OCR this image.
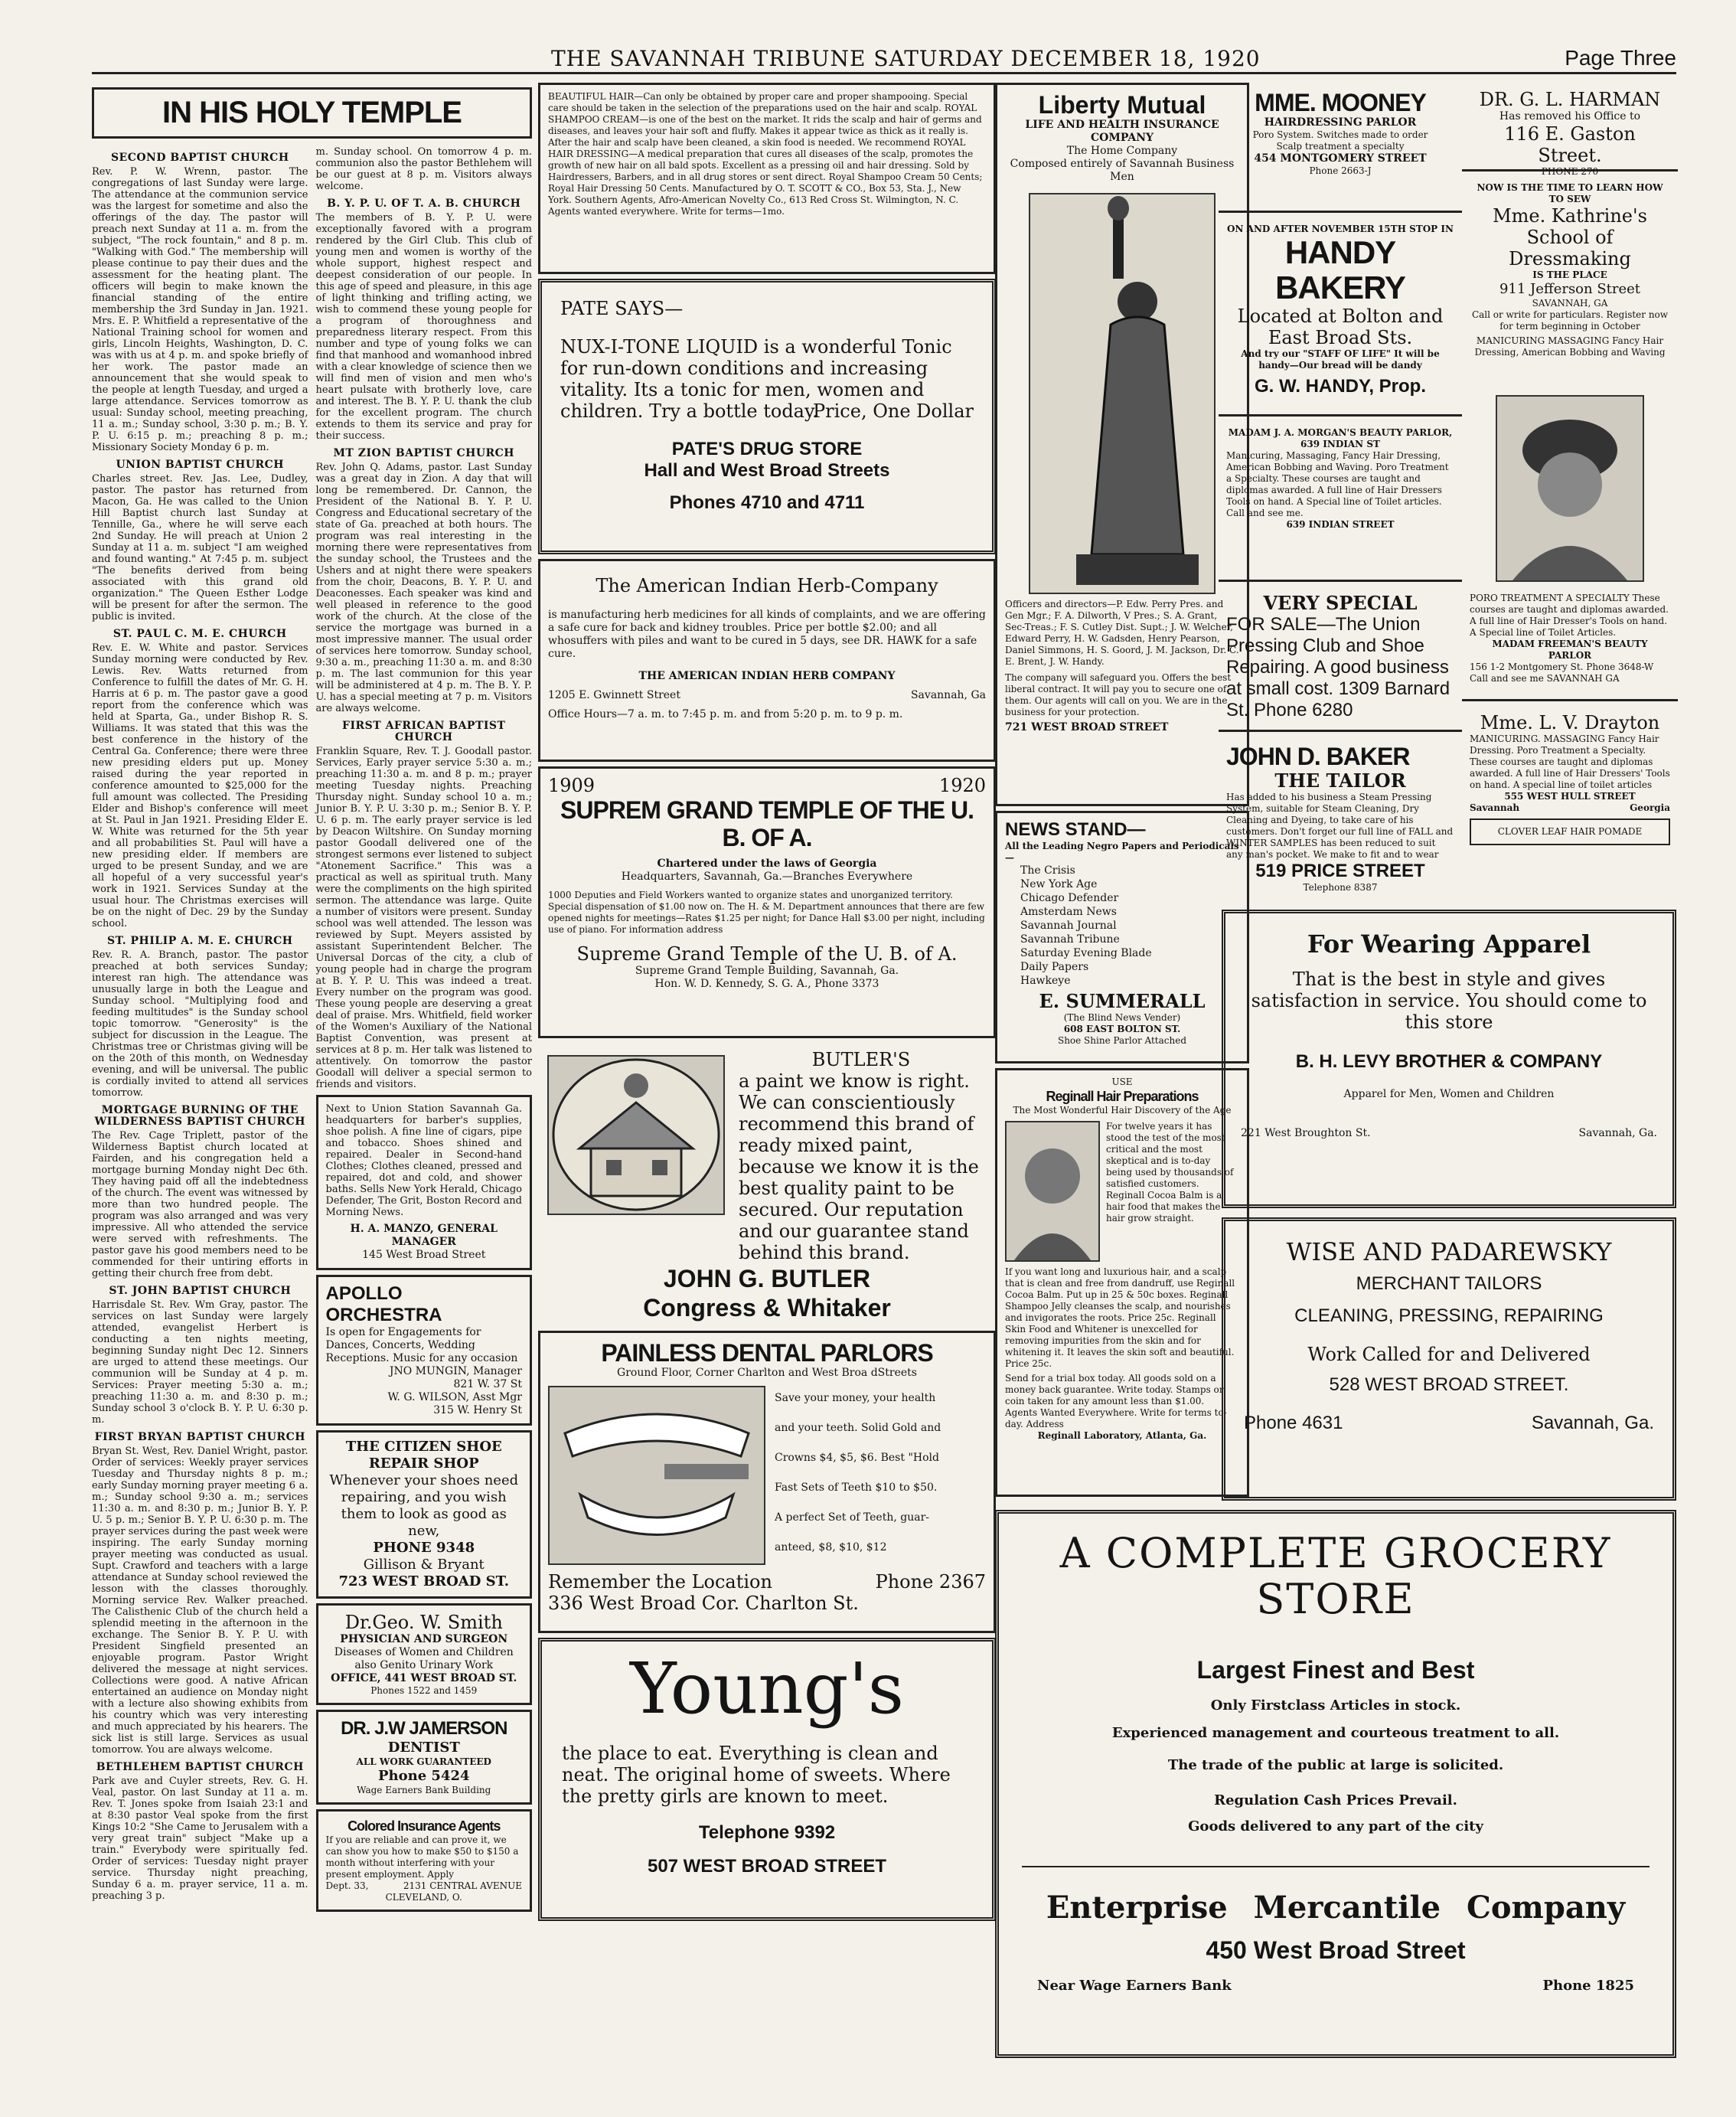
THE SAVANNAH TRIBUNE SATURDAY DECEMBER 18, 1920	Page Three
IN HIS HOLY TEMPLE
SECOND BAPTIST CHURCH

Rev. P. W. Wrenn, pastor. The congregations of last Sunday were large. The attendance at the communion service was the largest for sometime and also the offerings of the day. The pastor will preach next Sunday at 11 a. m. from the subject, "The rock fountain," and 8 p. m. "Walking with God." The membership will please continue to pay their dues and the assessment for the heating plant. The officers will begin to make known the financial standing of the entire membership the 3rd Sunday in Jan. 1921. Mrs. E. P. Whitfield a representative of the National Training school for women and girls, Lincoln Heights, Washington, D. C. was with us at 4 p. m. and spoke briefly of her work. The pastor made an announcement that she would speak to the people at length Tuesday, and urged a large attendance. Services tomorrow as usual: Sunday school, meeting preaching, 11 a. m.; Sunday school, 3:30 p. m.; B. Y. P. U. 6:15 p. m.; preaching 8 p. m.; Missionary Society Monday 6 p. m.

UNION BAPTIST CHURCH

Charles street. Rev. Jas. Lee, Dudley, pastor. The pastor has returned from Macon, Ga. He was called to the Union Hill Baptist church last Sunday at Tennille, Ga., where he will serve each 2nd Sunday. He will preach at Union 2 Sunday at 11 a. m. subject "I am weighed and found wanting." At 7:45 p. m. subject "The benefits derived from being associated with this grand old organization." The Queen Esther Lodge will be present for after the sermon. The public is invited.

ST. PAUL C. M. E. CHURCH

Rev. E. W. White and pastor. Services Sunday morning were conducted by Rev. Lewis. Rev. Watts returned from Conference to fulfill the dates of Mr. G. H. Harris at 6 p. m. The pastor gave a good report from the conference which was held at Sparta, Ga., under Bishop R. S. Williams. It was stated that this was the best conference in the history of the Central Ga. Conference; there were three new presiding elders put up. Money raised during the year reported in conference amounted to $25,000 for the full amount was collected. The Presiding Elder and Bishop's conference will meet at St. Paul in Jan 1921. Presiding Elder E. W. White was returned for the 5th year and all probabilities St. Paul will have a new presiding elder. If members are urged to be present Sunday, and we are all hopeful of a very successful year's work in 1921. Services Sunday at the usual hour. The Christmas exercises will be on the night of Dec. 29 by the Sunday school.

ST. PHILIP A. M. E. CHURCH

Rev. R. A. Branch, pastor. The pastor preached at both services Sunday; interest ran high. The attendance was unusually large in both the League and Sunday school. "Multiplying food and feeding multitudes" is the Sunday school topic tomorrow. "Generosity" is the subject for discussion in the League. The Christmas tree or Christmas giving will be on the 20th of this month, on Wednesday evening, and will be universal. The public is cordially invited to attend all services tomorrow.

MORTGAGE BURNING OF THE WILDERNESS BAPTIST CHURCH

The Rev. Cage Triplett, pastor of the Wilderness Baptist church located at Fairden, and his congregation held a mortgage burning Monday night Dec 6th. They having paid off all the indebtedness of the church. The event was witnessed by more than two hundred people. The program was also arranged and was very impressive. All who attended the service were served with refreshments. The pastor gave his good members need to be commended for their untiring efforts in getting their church free from debt.

ST. JOHN BAPTIST CHURCH

Harrisdale St. Rev. Wm Gray, pastor. The services on last Sunday were largely attended, evangelist Herbert is conducting a ten nights meeting, beginning Sunday night Dec 12. Sinners are urged to attend these meetings. Our communion will be Sunday at 4 p. m. Services: Prayer meeting 5:30 a. m.; preaching 11:30 a. m. and 8:30 p. m.; Sunday school 3 o'clock B. Y. P. U. 6:30 p. m.

FIRST BRYAN BAPTIST CHURCH

Bryan St. West, Rev. Daniel Wright, pastor. Order of services: Weekly prayer services Tuesday and Thursday nights 8 p. m.; early Sunday morning prayer meeting 6 a. m.; Sunday school 9:30 a. m.; services 11:30 a. m. and 8:30 p. m.; Junior B. Y. P. U. 5 p. m.; Senior B. Y. P. U. 6:30 p. m. The prayer services during the past week were inspiring. The early Sunday morning prayer meeting was conducted as usual. Supt. Crawford and teachers with a large attendance at Sunday school reviewed the lesson with the classes thoroughly. Morning service Rev. Walker preached. The Calisthenic Club of the church held a splendid meeting in the afternoon in the exchange. The Senior B. Y. P. U. with President Singfield presented an enjoyable program. Pastor Wright delivered the message at night services. Collections were good. A native African entertained an audience on Monday night with a lecture also showing exhibits from his country which was very interesting and much appreciated by his hearers. The sick list is still large. Services as usual tomorrow. You are always welcome.

BETHLEHEM BAPTIST CHURCH

Park ave and Cuyler streets, Rev. G. H. Veal, pastor. On last Sunday at 11 a. m. Rev. T. Jones spoke from Isaiah 23:1 and at 8:30 pastor Veal spoke from the first Kings 10:2 "She Came to Jerusalem with a very great train" subject "Make up a train." Everybody were spiritually fed. Order of services: Tuesday night prayer service. Thursday night preaching, Sunday 6 a. m. prayer service, 11 a. m. preaching 3 p.

m. Sunday school. On tomorrow 4 p. m. communion also the pastor Bethlehem will be our guest at 8 p. m. Visitors always welcome.

B. Y. P. U. OF T. A. B. CHURCH

The members of B. Y. P. U. were exceptionally favored with a program rendered by the Girl Club. This club of young men and women is worthy of the whole support, highest respect and deepest consideration of our people. In this age of speed and pleasure, in this age of light thinking and trifling acting, we wish to commend these young people for a program of thoroughness and preparedness literary respect. From this number and type of young folks we can find that manhood and womanhood inbred with a clear knowledge of science then we will find men of vision and men who's heart pulsate with brotherly love, care and interest. The B. Y. P. U. thank the club for the excellent program. The church extends to them its service and pray for their success.

MT ZION BAPTIST CHURCH

Rev. John Q. Adams, pastor. Last Sunday was a great day in Zion. A day that will long be remembered. Dr. Cannon, the President of the National B. Y. P. U. Congress and Educational secretary of the state of Ga. preached at both hours. The program was real interesting in the morning there were representatives from the sunday school, the Trustees and the Ushers and at night there were speakers from the choir, Deacons, B. Y. P. U. and Deaconesses. Each speaker was kind and well pleased in reference to the good work of the church. At the close of the service the mortgage was burned in a most impressive manner. The usual order of services here tomorrow. Sunday school, 9:30 a. m., preaching 11:30 a. m. and 8:30 p. m. The last communion for this year will be administered at 4 p. m. The B. Y. P. U. has a special meeting at 7 p. m. Visitors are always welcome.

FIRST AFRICAN BAPTIST CHURCH

Franklin Square, Rev. T. J. Goodall pastor. Services, Early prayer service 5:30 a. m.; preaching 11:30 a. m. and 8 p. m.; prayer meeting Tuesday nights. Preaching Thursday night. Sunday school 10 a. m.; Junior B. Y. P. U. 3:30 p. m.; Senior B. Y. P. U. 6 p. m. The early prayer service is led by Deacon Wiltshire. On Sunday morning pastor Goodall delivered one of the strongest sermons ever listened to subject "Atonement Sacrifice." This was a practical as well as spiritual truth. Many were the compliments on the high spirited sermon. The attendance was large. Quite a number of visitors were present. Sunday school was well attended. The lesson was reviewed by Supt. Meyers assisted by assistant Superintendent Belcher. The Universal Dorcas of the city, a club of young people had in charge the program at B. Y. P. U. This was indeed a treat. Every number on the program was good. These young people are deserving a great deal of praise. Mrs. Whitfield, field worker of the Women's Auxiliary of the National Baptist Convention, was present at services at 8 p. m. Her talk was listened to attentively. On tomorrow the pastor Goodall will deliver a special sermon to friends and visitors.

Next to Union Station Savannah Ga. headquarters for barber's supplies, shoe polish. A fine line of cigars, pipe and tobacco. Shoes shined and repaired. Dealer in Second-hand Clothes; Clothes cleaned, pressed and repaired, dot and cold, and shower baths. Sells New York Herald, Chicago Defender, The Grit, Boston Record and Morning News.

H. A. MANZO, GENERAL MANAGER
145 West Broad Street
APOLLO ORCHESTRA
Is open for Engagements for Dances, Concerts, Wedding Receptions. Music for any occasion
JNO MUNGIN, Manager
821 W. 37 St
W. G. WILSON, Asst Mgr
315 W. Henry St
THE CITIZEN SHOE REPAIR SHOP
Whenever your shoes need repairing, and you wish them to look as good as new,
PHONE 9348
Gillison & Bryant
723 WEST BROAD ST.
Dr.Geo. W. Smith
PHYSICIAN AND SURGEON
Diseases of Women and Children also Genito Urinary Work
OFFICE, 441 WEST BROAD ST.
Phones 1522 and 1459
DR. J.W JAMERSON
DENTIST
ALL WORK GUARANTEED
Phone 5424
Wage Earners Bank Building
Colored Insurance Agents
If you are reliable and can prove it, we can show you how to make $50 to $150 a month without interfering with your present employment. Apply
Dept. 33,	2131 CENTRAL AVENUE
CLEVELAND, O.
BEAUTIFUL HAIR—Can only be obtained by proper care and proper shampooing. Special care should be taken in the selection of the preparations used on the hair and scalp. ROYAL SHAMPOO CREAM—is one of the best on the market. It rids the scalp and hair of germs and diseases, and leaves your hair soft and fluffy. Makes it appear twice as thick as it really is. After the hair and scalp have been cleaned, a skin food is needed. We recommend ROYAL HAIR DRESSING—A medical preparation that cures all diseases of the scalp, promotes the growth of new hair on all bald spots. Excellent as a pressing oil and hair dressing. Sold by Hairdressers, Barbers, and in all drug stores or sent direct. Royal Shampoo Cream 50 Cents; Royal Hair Dressing 50 Cents. Manufactured by O. T. SCOTT & CO., Box 53, Sta. J., New York. Southern Agents, Afro-American Novelty Co., 613 Red Cross St. Wilmington, N. C. Agents wanted everywhere. Write for terms—1mo.
PATE SAYS—
NUX-I-TONE LIQUID is a wonderful Tonic for run-down conditions and increasing vitality. Its a tonic for men, women and children. Try a bottle today.
Price, One Dollar
PATE'S DRUG STORE
Hall and West Broad Streets
Phones 4710 and 4711
The American Indian Herb-Company
is manufacturing herb medicines for all kinds of complaints, and we are offering a safe cure for back and kidney troubles. Price per bottle $2.00; and all whosuffers with piles and want to be cured in 5 days, see DR. HAWK for a safe cure.
THE AMERICAN INDIAN HERB COMPANY
1205 E. Gwinnett Street	Savannah, Ga
Office Hours—7 a. m. to 7:45 p. m. and from 5:20 p. m. to 9 p. m.
1909	1920
SUPREM GRAND TEMPLE OF THE U. B. OF A.
Chartered under the laws of Georgia
Headquarters, Savannah, Ga.—Branches Everywhere
1000 Deputies and Field Workers wanted to organize states and unorganized territory. Special dispensation of $1.00 now on. The H. & M. Department announces that there are few opened nights for meetings—Rates $1.25 per night; for Dance Hall $3.00 per night, including use of piano. For information address
Supreme Grand Temple of the U. B. of A.
Supreme Grand Temple Building, Savannah, Ga.
Hon. W. D. Kennedy, S. G. A., Phone 3373
BUTLER'S
a paint we know is right. We can conscientiously recommend this brand of ready mixed paint, because we know it is the best quality paint to be secured. Our reputation and our guarantee stand behind this brand.
JOHN G. BUTLER
Congress & Whitaker
PAINLESS DENTAL PARLORS
Ground Floor, Corner Charlton and West Broa dStreets
Save your money, your health
and your teeth. Solid Gold and
Crowns $4, $5, $6. Best "Hold
Fast Sets of Teeth $10 to $50.
A perfect Set of Teeth, guar-
anteed, $8, $10, $12
Remember the Location	Phone 2367
336 West Broad Cor. Charlton St.
Young's
the place to eat. Everything is clean and neat. The original home of sweets. Where the pretty girls are known to meet.
Telephone 9392
507 WEST BROAD STREET
Liberty Mutual
LIFE AND HEALTH INSURANCE COMPANY
The Home Company
Composed entirely of Savannah Business Men
Officers and directors—P. Edw. Perry Pres. and Gen Mgr.; F. A. Dilworth, V Pres.; S. A. Grant, Sec-Treas.; F. S. Cutley Dist. Supt.; J. W. Welcher, Edward Perry, H. W. Gadsden, Henry Pearson, Daniel Simmons, H. S. Goord, J. M. Jackson, Dr. C. E. Brent, J. W. Handy.
The company will safeguard you. Offers the best liberal contract. It will pay you to secure one of them. Our agents will call on you. We are in the business for your protection.
721 WEST BROAD STREET
NEWS STAND—
All the Leading Negro Papers and Periodicals—
The Crisis
New York Age
Chicago Defender
Amsterdam News
Savannah Journal
Savannah Tribune
Saturday Evening Blade
Daily Papers
Hawkeye
E. SUMMERALL
(The Blind News Vender)
608 EAST BOLTON ST.
Shoe Shine Parlor Attached
USE
Reginall Hair Preparations
The Most Wonderful Hair Discovery of the Age
For twelve years it has stood the test of the most critical and the most skeptical and is to-day being used by thousands of satisfied customers. Reginall Cocoa Balm is a hair food that makes the hair grow straight.
If you want long and luxurious hair, and a scalp that is clean and free from dandruff, use Reginall Cocoa Balm. Put up in 25 & 50c boxes. Reginall Shampoo Jelly cleanses the scalp, and nourishes and invigorates the roots. Price 25c. Reginall Skin Food and Whitener is unexcelled for removing impurities from the skin and for whitening it. It leaves the skin soft and beautiful. Price 25c.
Send for a trial box today. All goods sold on a money back guarantee. Write today. Stamps or coin taken for any amount less than $1.00. Agents Wanted Everywhere. Write for terms to-day. Address
Reginall Laboratory, Atlanta, Ga.
MME. MOONEY
HAIRDRESSING PARLOR
Poro System. Switches made to order
Scalp treatment a specialty
454 MONTGOMERY STREET
Phone 2663-J
ON AND AFTER NOVEMBER 15TH STOP IN
HANDY BAKERY
Located at Bolton and East Broad Sts.
And try our "STAFF OF LIFE" It will be handy—Our bread will be dandy
G. W. HANDY, Prop.
MADAM J. A. MORGAN'S BEAUTY PARLOR, 639 INDIAN ST
Manicuring, Massaging, Fancy Hair Dressing, American Bobbing and Waving. Poro Treatment a Specialty. These courses are taught and diplomas awarded. A full line of Hair Dressers Tools on hand. A Special line of Toilet articles. Call and see me.
639 INDIAN STREET
VERY SPECIAL
FOR SALE—The Union Pressing Club and Shoe Repairing. A good business at small cost. 1309 Barnard St. Phone 6280
JOHN D. BAKER
THE TAILOR
Has added to his business a Steam Pressing System, suitable for Steam Cleaning, Dry Cleaning and Dyeing, to take care of his customers. Don't forget our full line of FALL and WINTER SAMPLES has been reduced to suit any man's pocket. We make to fit and to wear
519 PRICE STREET
Telephone 8387
DR. G. L. HARMAN
Has removed his Office to
116 E. Gaston Street.
PHONE 270
NOW IS THE TIME TO LEARN HOW TO SEW
Mme. Kathrine's School of Dressmaking
IS THE PLACE
911 Jefferson Street
SAVANNAH, GA
Call or write for particulars. Register now for term beginning in October
MANICURING MASSAGING Fancy Hair Dressing, American Bobbing and Waving
PORO TREATMENT A SPECIALTY These courses are taught and diplomas awarded. A full line of Hair Dresser's Tools on hand. A Special line of Toilet Articles.
MADAM FREEMAN'S BEAUTY PARLOR
156 1-2 Montgomery St. Phone 3648-W Call and see me SAVANNAH GA
Mme. L. V. Drayton
MANICURING. MASSAGING Fancy Hair Dressing. Poro Treatment a Specialty. These courses are taught and diplomas awarded. A full line of Hair Dressers' Tools on hand. A special line of toilet articles
555 WEST HULL STREET
Savannah	Georgia
CLOVER LEAF HAIR POMADE
For Wearing Apparel
That is the best in style and gives satisfaction in service. You should come to this store
B. H. LEVY BROTHER & COMPANY
Apparel for Men, Women and Children
221 West Broughton St.	Savannah, Ga.
WISE AND PADAREWSKY
MERCHANT TAILORS
CLEANING, PRESSING, REPAIRING
Work Called for and Delivered
528 WEST BROAD STREET.
Phone 4631	Savannah, Ga.
A COMPLETE GROCERY STORE
Largest Finest and Best
Only Firstclass Articles in stock.
Experienced management and courteous treatment to all.
The trade of the public at large is solicited.
Regulation Cash Prices Prevail.
Goods delivered to any part of the city
Enterprise Mercantile Company
450 West Broad Street
Near Wage Earners Bank	Phone 1825
